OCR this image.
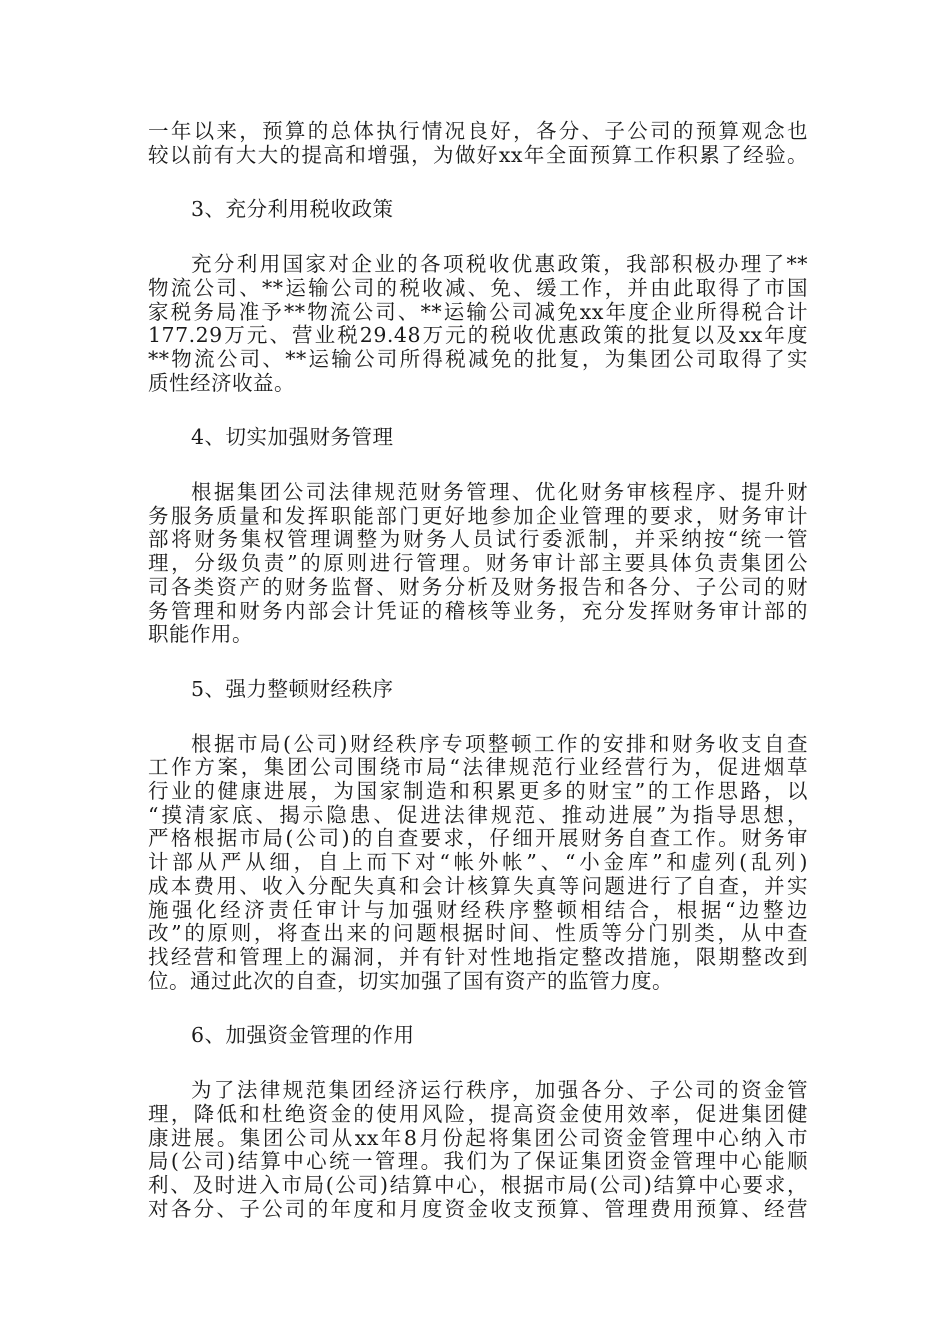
一年以来，预算的总体执行情况良好，各分、子公司的预算观念也
较以前有大大的提高和增强，为做好xx年全面预算工作积累了经验。
3、充分利用税收政策
充分利用国家对企业的各项税收优惠政策，我部积极办理了**
物流公司、**运输公司的税收减、免、缓工作，并由此取得了市国
家税务局准予**物流公司、**运输公司减免xx年度企业所得税合计
177.29万元、营业税29.48万元的税收优惠政策的批复以及xx年度
**物流公司、**运输公司所得税减免的批复，为集团公司取得了实
质性经济收益。
4、切实加强财务管理
根据集团公司法律规范财务管理、优化财务审核程序、提升财
务服务质量和发挥职能部门更好地参加企业管理的要求，财务审计
部将财务集权管理调整为财务人员试行委派制，并采纳按“统一管
理，分级负责”的原则进行管理。财务审计部主要具体负责集团公
司各类资产的财务监督、财务分析及财务报告和各分、子公司的财
务管理和财务内部会计凭证的稽核等业务，充分发挥财务审计部的
职能作用。
5、强力整顿财经秩序
根据市局(公司)财经秩序专项整顿工作的安排和财务收支自查
工作方案，集团公司围绕市局“法律规范行业经营行为，促进烟草
行业的健康进展，为国家制造和积累更多的财宝”的工作思路，以
“摸清家底、揭示隐患、促进法律规范、推动进展”为指导思想，
严格根据市局(公司)的自查要求，仔细开展财务自查工作。财务审
计部从严从细，自上而下对“帐外帐”、“小金库”和虚列(乱列)
成本费用、收入分配失真和会计核算失真等问题进行了自查，并实
施强化经济责任审计与加强财经秩序整顿相结合，根据“边整边
改”的原则，将查出来的问题根据时间、性质等分门别类，从中查
找经营和管理上的漏洞，并有针对性地指定整改措施，限期整改到
位。通过此次的自查，切实加强了国有资产的监管力度。
6、加强资金管理的作用
为了法律规范集团经济运行秩序，加强各分、子公司的资金管
理，降低和杜绝资金的使用风险，提高资金使用效率，促进集团健
康进展。集团公司从xx年8月份起将集团公司资金管理中心纳入市
局(公司)结算中心统一管理。我们为了保证集团资金管理中心能顺
利、及时进入市局(公司)结算中心，根据市局(公司)结算中心要求，
对各分、子公司的年度和月度资金收支预算、管理费用预算、经营
